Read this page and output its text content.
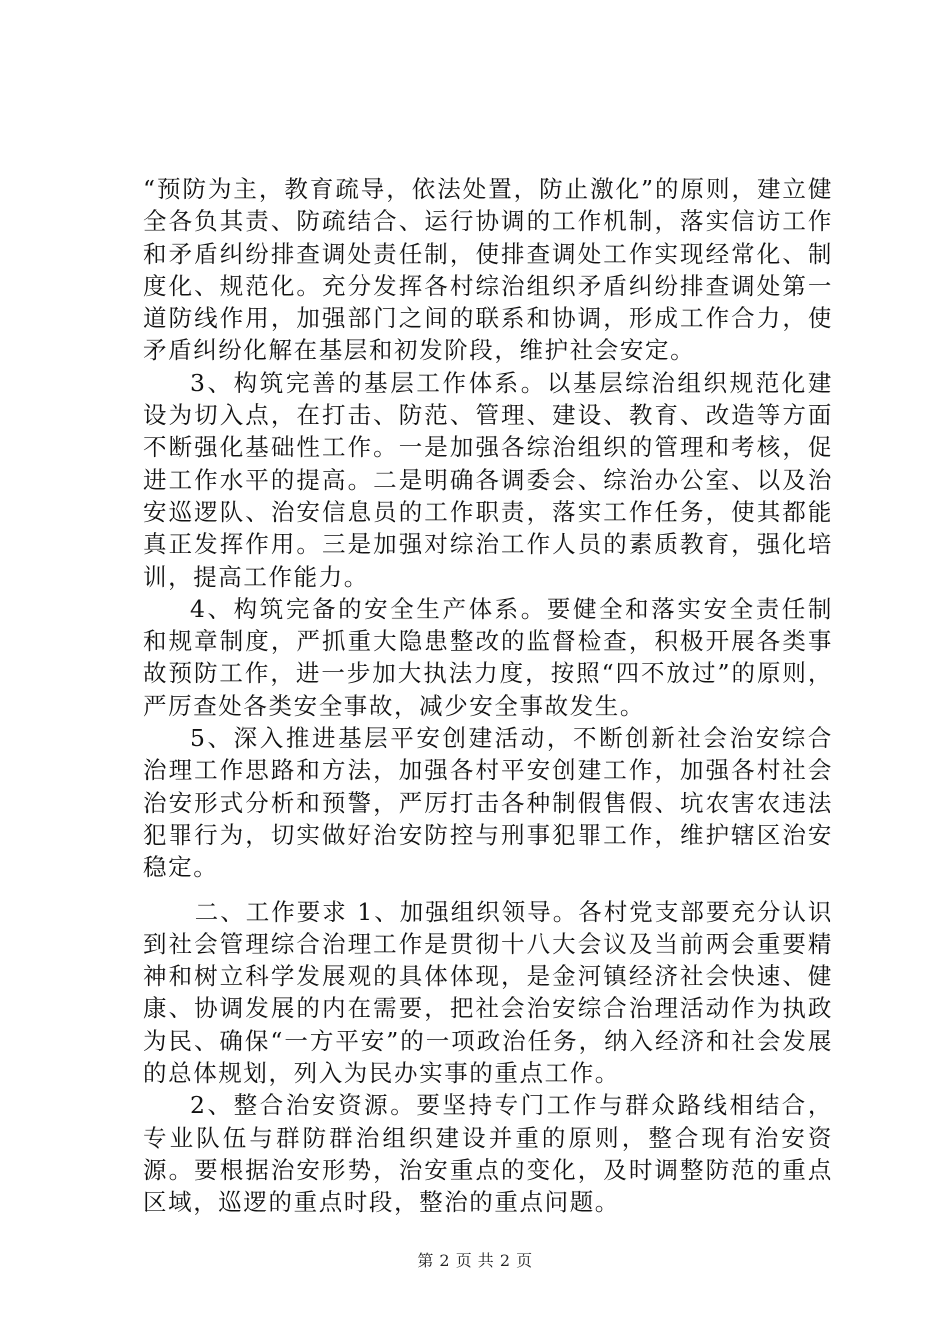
“预防为主，教育疏导，依法处置，防止激化”的原则，建立健全各负其责、防疏结合、运行协调的工作机制，落实信访工作和矛盾纠纷排查调处责任制，使排查调处工作实现经常化、制度化、规范化。充分发挥各村综治组织矛盾纠纷排查调处第一道防线作用，加强部门之间的联系和协调，形成工作合力，使矛盾纠纷化解在基层和初发阶段，维护社会安定。

3、构筑完善的基层工作体系。以基层综治组织规范化建设为切入点，在打击、防范、管理、建设、教育、改造等方面不断强化基础性工作。一是加强各综治组织的管理和考核，促进工作水平的提高。二是明确各调委会、综治办公室、以及治安巡逻队、治安信息员的工作职责，落实工作任务，使其都能真正发挥作用。三是加强对综治工作人员的素质教育，强化培训，提高工作能力。

4、构筑完备的安全生产体系。要健全和落实安全责任制和规章制度，严抓重大隐患整改的监督检查，积极开展各类事故预防工作，进一步加大执法力度，按照“四不放过”的原则，严厉查处各类安全事故，减少安全事故发生。

5、深入推进基层平安创建活动，不断创新社会治安综合治理工作思路和方法，加强各村平安创建工作，加强各村社会治安形式分析和预警，严厉打击各种制假售假、坑农害农违法犯罪行为，切实做好治安防控与刑事犯罪工作，维护辖区治安稳定。

二、工作要求 1、加强组织领导。各村党支部要充分认识到社会管理综合治理工作是贯彻十八大会议及当前两会重要精神和树立科学发展观的具体体现，是金河镇经济社会快速、健康、协调发展的内在需要，把社会治安综合治理活动作为执政为民、确保“一方平安”的一项政治任务，纳入经济和社会发展的总体规划，列入为民办实事的重点工作。

2、整合治安资源。要坚持专门工作与群众路线相结合，专业队伍与群防群治组织建设并重的原则，整合现有治安资源。要根据治安形势，治安重点的变化，及时调整防范的重点区域，巡逻的重点时段，整治的重点问题。

第 2 页 共 2 页
